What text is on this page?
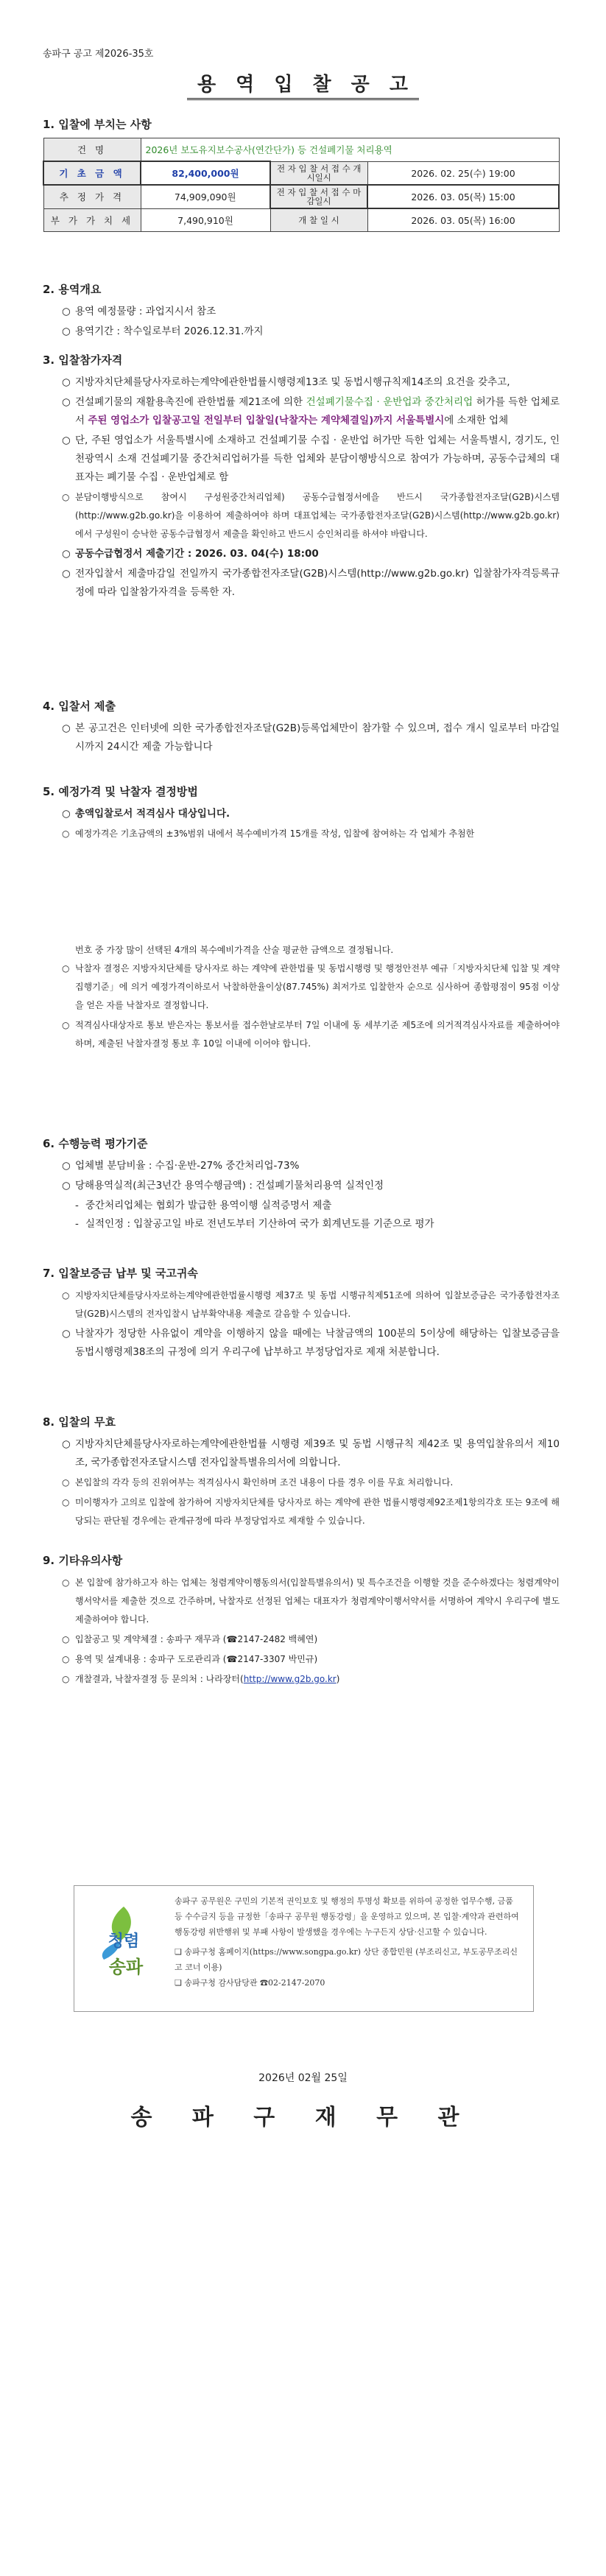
송파구 공고 제2026-35호
용 역 입 찰 공 고
1. 입찰에 부치는 사항
건 명	2026년 보도유지보수공사(연간단가) 등 건설폐기물 처리용역		
기 초 금 액	82,400,000원	전 자 입 찰 서 접 수 개시일시	2026. 02. 25(수) 19:00
추 정 가 격	74,909,090원	전 자 입 찰 서 접 수 마감일시	2026. 03. 05(목) 15:00
부 가 가 치 세	7,490,910원	개 찰 일 시	2026. 03. 05(목) 16:00
2. 용역개요
○ 용역 예정물량 : 과업지시서 참조
○ 용역기간 : 착수일로부터 2026.12.31.까지
3. 입찰참가자격
○ 지방자치단체를당사자로하는계약에관한법률시행령제13조 및 동법시행규칙제14조의 요건을 갖추고,
○ 건설폐기물의 재활용촉진에 관한법률 제21조에 의한 건설폐기물수집 · 운반업과 중간처리업 허가를 득한 업체로서 주된 영업소가 입찰공고일 전일부터 입찰일(낙찰자는 계약체결일)까지 서울특별시에 소재한 업체
○ 단, 주된 영업소가 서울특별시에 소재하고 건설폐기물 수집 · 운반업 허가만 득한 업체는 서울특별시, 경기도, 인천광역시 소재 건설폐기물 중간처리업허가를 득한 업체와 분담이행방식으로 참여가 가능하며, 공동수급체의 대표자는 폐기물 수집 · 운반업체로 함
○ 분담이행방식으로 참여시 구성원중간처리업체) 공동수급협정서에을 반드시 국가종합전자조달(G2B)시스템(http://www.g2b.go.kr)을 이용하여 제출하여야 하며 대표업체는 국가종합전자조달(G2B)시스템(http://www.g2b.go.kr)에서 구성원이 승낙한 공동수급협정서 제출을 확인하고 반드시 승인처리를 하셔야 바랍니다.
○ 공동수급협정서 제출기간 : 2026. 03. 04(수) 18:00
○ 전자입찰서 제출마감일 전일까지 국가종합전자조달(G2B)시스템(http://www.g2b.go.kr) 입찰참가자격등록규정에 따라 입찰참가자격을 등록한 자.
4. 입찰서 제출
○ 본 공고건은 인터넷에 의한 국가종합전자조달(G2B)등록업체만이 참가할 수 있으며, 접수 개시 일로부터 마감일시까지 24시간 제출 가능합니다
5. 예정가격 및 낙찰자 결정방법
○ 총액입찰로서 적격심사 대상입니다.
○ 예정가격은 기초금액의 ±3%범위 내에서 복수예비가격 15개를 작성, 입찰에 참여하는 각 업체가 추첨한
번호 중 가장 많이 선택된 4개의 복수예비가격을 산술 평균한 금액으로 결정됩니다.
○ 낙찰자 결정은 지방자치단체를 당사자로 하는 계약에 관한법률 및 동법시행령 및 행정안전부 예규「지방자치단체 입찰 및 계약 집행기준」에 의거 예정가격이하로서 낙찰하한율이상(87.745%) 최저가로 입찰한자 순으로 심사하여 종합평점이 95점 이상을 얻은 자를 낙찰자로 결정합니다.
○ 적격심사대상자로 통보 받은자는 통보서를 접수한날로부터 7일 이내에 동 세부기준 제5조에 의거적격심사자료를 제출하여야 하며, 제출된 낙찰자결정 통보 후 10일 이내에 이어야 합니다.
6. 수행능력 평가기준
○ 업체별 분담비율 : 수집·운반-27% 중간처리업-73%
○ 당해용역실적(최근3년간 용역수행금액) : 건설폐기물처리용역 실적인정
- 중간처리업체는 협회가 발급한 용역이행 실적증명서 제출
- 실적인정 : 입찰공고일 바로 전년도부터 기산하여 국가 회계년도를 기준으로 평가
7. 입찰보증금 납부 및 국고귀속
○ 지방자치단체를당사자로하는계약에관한법률시행령 제37조 및 동법 시행규칙제51조에 의하여 입찰보증금은 국가종합전자조달(G2B)시스템의 전자입찰시 납부확약내용 제출로 갈음할 수 있습니다.
○ 낙찰자가 정당한 사유없이 계약을 이행하지 않을 때에는 낙찰금액의 100분의 5이상에 해당하는 입찰보증금을 동법시행령제38조의 규정에 의거 우리구에 납부하고 부정당업자로 제재 처분합니다.
8. 입찰의 무효
○ 지방자치단체를당사자로하는계약에관한법률 시행령 제39조 및 동법 시행규칙 제42조 및 용역입찰유의서 제10조, 국가종합전자조달시스템 전자입찰특별유의서에 의합니다.
○ 본입찰의 각각 등의 진위여부는 적격심사시 확인하며 조건 내용이 다를 경우 이를 무효 처리합니다.
○ 미이행자가 고의로 입찰에 참가하여 지방자치단체를 당사자로 하는 계약에 관한 법률시행령제92조제1항의각호 또는 9조에 해당되는 판단될 경우에는 관계규정에 따라 부정당업자로 제재할 수 있습니다.
9. 기타유의사항
○ 본 입찰에 참가하고자 하는 업체는 청렴계약이행동의서(입찰특별유의서) 및 특수조건을 이행할 것을 준수하겠다는 청렴계약이행서약서를 제출한 것으로 간주하며, 낙찰자로 선정된 업체는 대표자가 청렴계약이행서약서를 서명하여 계약시 우리구에 별도 제출하여야 합니다.
○ 입찰공고 및 계약체결 : 송파구 재무과 (☎2147-2482 백혜연)
○ 용역 및 설계내용 : 송파구 도로관리과 (☎2147-3307 박민규)
○ 개찰결과, 낙찰자결정 등 문의처 : 나라장터(http://www.g2b.go.kr)
청렴
송파
송파구 공무원은 구민의 기본적 권익보호 및 행정의 투명성 확보를 위하여 공정한 업무수행, 금품 등 수수금지 등을 규정한「송파구 공무원 행동강령」을 운영하고 있으며, 본 입찰·계약과 관련하여 행동강령 위반행위 및 부패 사항이 발생했을 경우에는 누구든지 상담·신고할 수 있습니다.
❏ 송파구청 홈페이지(https://www.songpa.go.kr) 상단 종합민원 (부조리신고, 부도공무조리신고 코너 이용)
❏ 송파구청 감사담당관 ☎02-2147-2070
2026년 02월 25일
송 파 구 재 무 관
